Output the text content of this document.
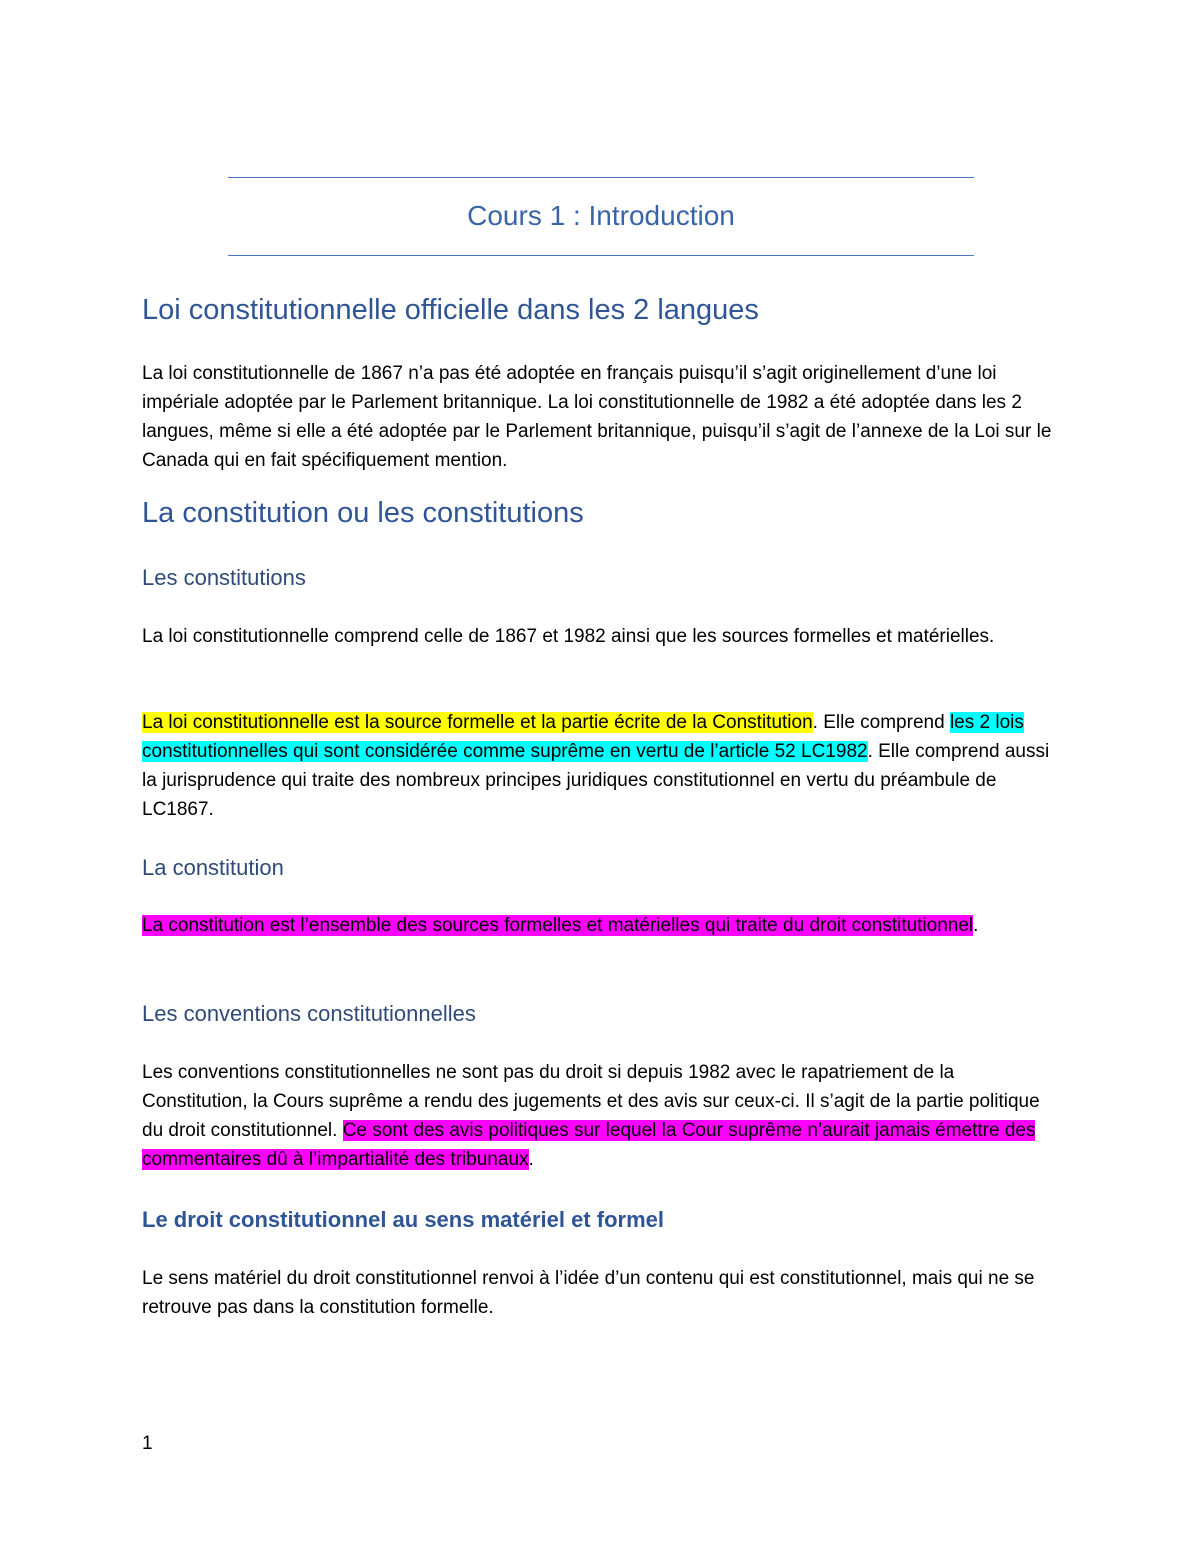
Cours 1 : Introduction
Loi constitutionnelle officielle dans les 2 langues
La loi constitutionnelle de 1867 n’a pas été adoptée en français puisqu’il s’agit originellement d’une loi impériale adoptée par le Parlement britannique. La loi constitutionnelle de 1982 a été adoptée dans les 2 langues, même si elle a été adoptée par le Parlement britannique, puisqu’il s’agit de l’annexe de la Loi sur le Canada qui en fait spécifiquement mention.
La constitution ou les constitutions
Les constitutions
La loi constitutionnelle comprend celle de 1867 et 1982 ainsi que les sources formelles et matérielles.
La loi constitutionnelle est la source formelle et la partie écrite de la Constitution. Elle comprend les 2 lois constitutionnelles qui sont considérée comme suprême en vertu de l’article 52 LC1982. Elle comprend aussi la jurisprudence qui traite des nombreux principes juridiques constitutionnel en vertu du préambule de LC1867.
La constitution
La constitution est l’ensemble des sources formelles et matérielles qui traite du droit constitutionnel.
Les conventions constitutionnelles
Les conventions constitutionnelles ne sont pas du droit si depuis 1982 avec le rapatriement de la Constitution, la Cours suprême a rendu des jugements et des avis sur ceux-ci. Il s’agit de la partie politique du droit constitutionnel. Ce sont des avis politiques sur lequel la Cour suprême n’aurait jamais émettre des commentaires dû à l’impartialité des tribunaux.
Le droit constitutionnel au sens matériel et formel
Le sens matériel du droit constitutionnel renvoi à l’idée d’un contenu qui est constitutionnel, mais qui ne se retrouve pas dans la constitution formelle.
1
